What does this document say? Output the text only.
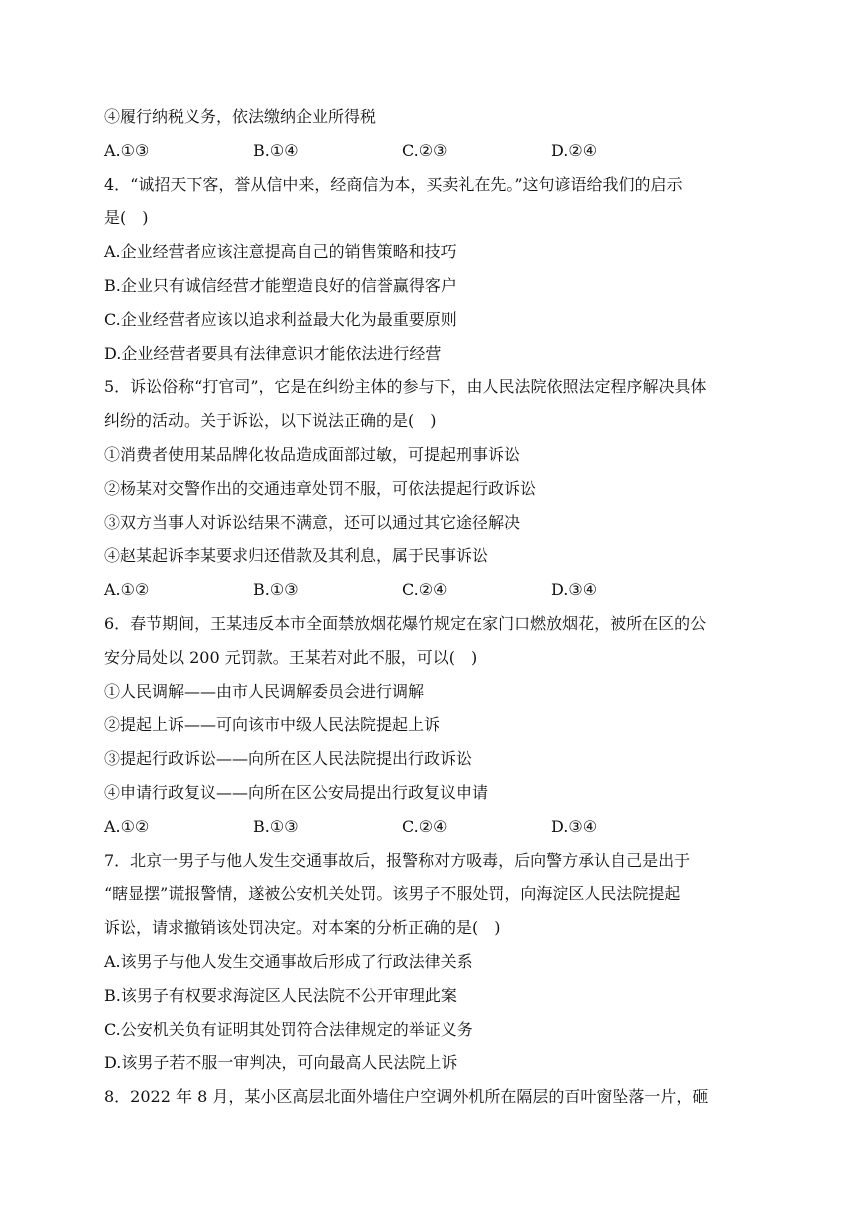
④履行纳税义务，依法缴纳企业所得税
A.①③	B.①④	C.②③	D.②④
4．“诚招天下客，誉从信中来，经商信为本，买卖礼在先。”这句谚语给我们的启示
是(　)
A.企业经营者应该注意提高自己的销售策略和技巧
B.企业只有诚信经营才能塑造良好的信誉赢得客户
C.企业经营者应该以追求利益最大化为最重要原则
D.企业经营者要具有法律意识才能依法进行经营
5．诉讼俗称“打官司”，它是在纠纷主体的参与下，由人民法院依照法定程序解决具体
纠纷的活动。关于诉讼，以下说法正确的是(　)
①消费者使用某品牌化妆品造成面部过敏，可提起刑事诉讼
②杨某对交警作出的交通违章处罚不服，可依法提起行政诉讼
③双方当事人对诉讼结果不满意，还可以通过其它途径解决
④赵某起诉李某要求归还借款及其利息，属于民事诉讼
A.①②	B.①③	C.②④	D.③④
6．春节期间，王某违反本市全面禁放烟花爆竹规定在家门口燃放烟花，被所在区的公
安分局处以 200 元罚款。王某若对此不服，可以(　)
①人民调解——由市人民调解委员会进行调解
②提起上诉——可向该市中级人民法院提起上诉
③提起行政诉讼——向所在区人民法院提出行政诉讼
④申请行政复议——向所在区公安局提出行政复议申请
A.①②	B.①③	C.②④	D.③④
7．北京一男子与他人发生交通事故后，报警称对方吸毒，后向警方承认自己是出于
“瞎显摆”谎报警情，遂被公安机关处罚。该男子不服处罚，向海淀区人民法院提起
诉讼，请求撤销该处罚决定。对本案的分析正确的是(　)
A.该男子与他人发生交通事故后形成了行政法律关系
B.该男子有权要求海淀区人民法院不公开审理此案
C.公安机关负有证明其处罚符合法律规定的举证义务
D.该男子若不服一审判决，可向最高人民法院上诉
8．2022 年 8 月，某小区高层北面外墙住户空调外机所在隔层的百叶窗坠落一片，砸
